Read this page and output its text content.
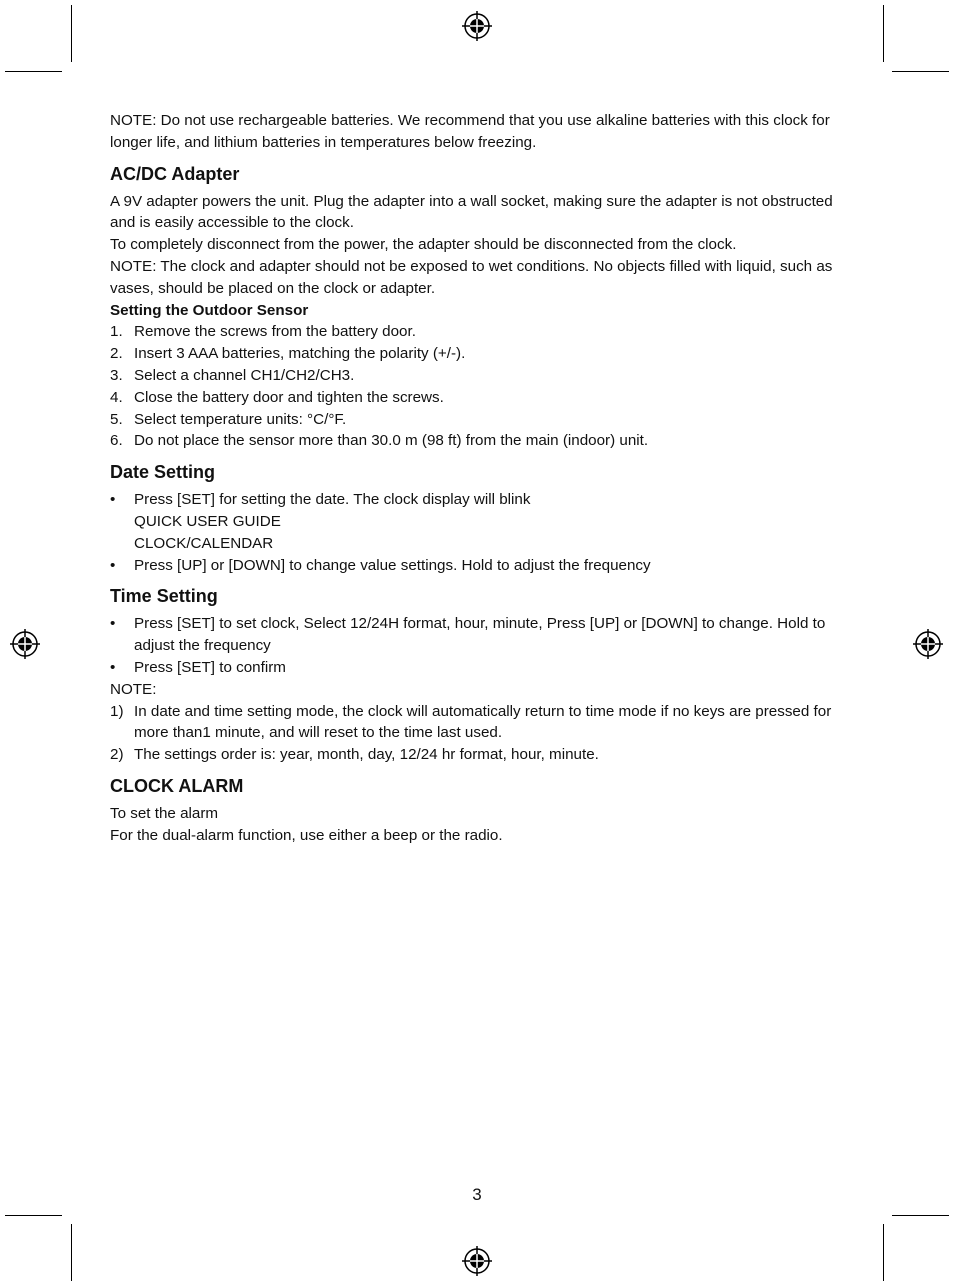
NOTE: Do not use rechargeable batteries. We recommend that you use alkaline batteries with this clock for longer life, and lithium batteries in temperatures below freezing.

AC/DC Adapter

A 9V adapter powers the unit. Plug the adapter into a wall socket, making sure the adapter is not obstructed and is easily accessible to the clock.

To completely disconnect from the power, the adapter should be disconnected from the clock.

NOTE: The clock and adapter should not be exposed to wet conditions. No objects filled with liquid, such as vases, should be placed on the clock or adapter.

Setting the Outdoor Sensor

1. Remove the screws from the battery door.
2. Insert 3 AAA batteries, matching the polarity (+/-).
3. Select a channel CH1/CH2/CH3.
4. Close the battery door and tighten the screws.
5. Select temperature units: °C/°F.
6. Do not place the sensor more than 30.0 m (98 ft) from the main (indoor) unit.
Date Setting
•	Press [SET] for setting the date. The clock display will blink
QUICK USER GUIDE
CLOCK/CALENDAR
•	Press [UP] or [DOWN] to change value settings. Hold to adjust the frequency
Time Setting
•	Press [SET] to set clock, Select 12/24H format, hour, minute, Press [UP] or [DOWN] to change. Hold to adjust the frequency
•	Press [SET] to confirm

NOTE:

1) In date and time setting mode, the clock will automatically return to time mode if no keys are pressed for more than1 minute, and will reset to the time last used.
2) The settings order is: year, month, day, 12/24 hr format, hour, minute.
CLOCK ALARM

To set the alarm

For the dual-alarm function, use either a beep or the radio.

3
